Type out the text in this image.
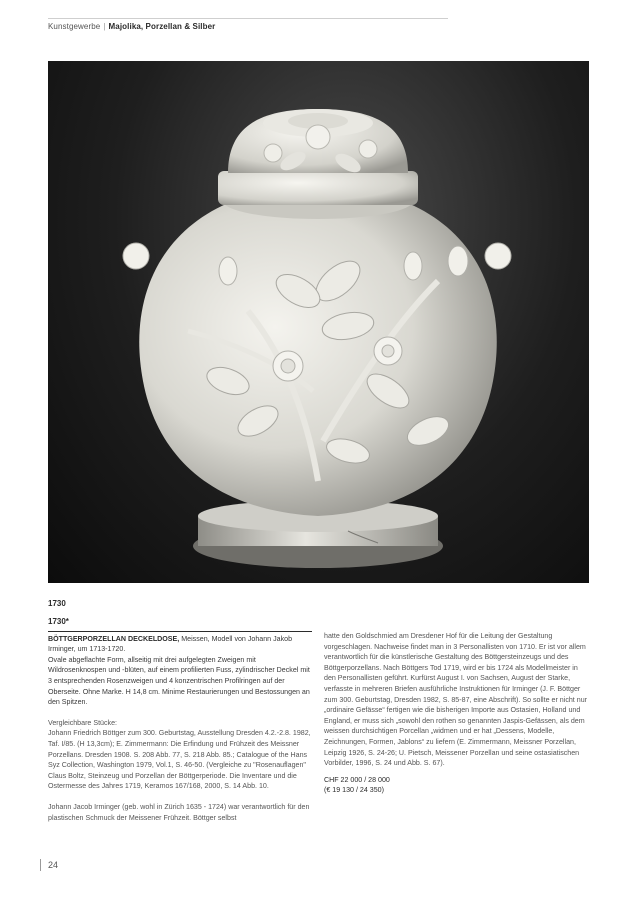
Kunstgewerbe | Majolika, Porzellan & Silber
1730
1730*

BÖTTGERPORZELLAN DECKELDOSE, Meissen, Modell von Johann Jakob Irminger, um 1713-1720.

Ovale abgeflachte Form, allseitig mit drei aufgelegten Zweigen mit Wildrosenknospen und -blüten, auf einem profilierten Fuss, zylindrischer Deckel mit 3 entsprechenden Rosenzweigen und 4 konzentrischen Profilringen auf der Oberseite. Ohne Marke. H 14,8 cm. Minime Restaurierungen und Bestossungen an den Spitzen.

Vergleichbare Stücke:

Johann Friedrich Böttger zum 300. Geburtstag, Ausstellung Dresden 4.2.-2.8. 1982, Taf. I/85. (H 13,3cm); E. Zimmermann: Die Erfindung und Frühzeit des Meissner Porzellans. Dresden 1908. S. 208 Abb. 77, S. 218 Abb. 85.; Catalogue of the Hans Syz Collection, Washington 1979, Vol.1, S. 46-50. (Vergleiche zu "Rosenauflagen" Claus Boltz, Steinzeug und Porzellan der Böttgerperiode. Die Inventare und die Ostermesse des Jahres 1719, Keramos 167/168, 2000, S. 14 Abb. 10.

Johann Jacob Irminger (geb. wohl in Zürich 1635 - 1724) war verantwortlich für den plastischen Schmuck der Meissener Frühzeit. Böttger selbst

hatte den Goldschmied am Dresdener Hof für die Leitung der Gestaltung vorgeschlagen. Nachweise findet man in 3 Personallisten von 1710. Er ist vor allem verantwortlich für die künstlerische Gestaltung des Böttgersteinzeugs und des Böttgerporzellans. Nach Böttgers Tod 1719, wird er bis 1724 als Modellmeister in den Personallisten geführt. Kurfürst August I. von Sachsen, August der Starke, verfasste in mehreren Briefen ausführliche Instruktionen für Irminger (J. F. Böttger zum 300. Geburtstag, Dresden 1982, S. 85-87, eine Abschrift). So sollte er nicht nur „ordinaire Gefässe“ fertigen wie die bisherigen Importe aus Ostasien, Holland und England, er muss sich „sowohl den rothen so genannten Jaspis-Gefässen, als dem weissen durchsichtigen Porcellan „widmen und er hat „Dessens, Modelle, Zeichnungen, Formen, Jablons“ zu liefern (E. Zimmermann, Meissner Porzellan, Leipzig 1926, S. 24-26; U. Pietsch, Meissener Porzellan und seine ostasiatischen Vorbilder, 1996, S. 24 und Abb. S. 67).

CHF 22 000 / 28 000

(€ 19 130 / 24 350)

24
